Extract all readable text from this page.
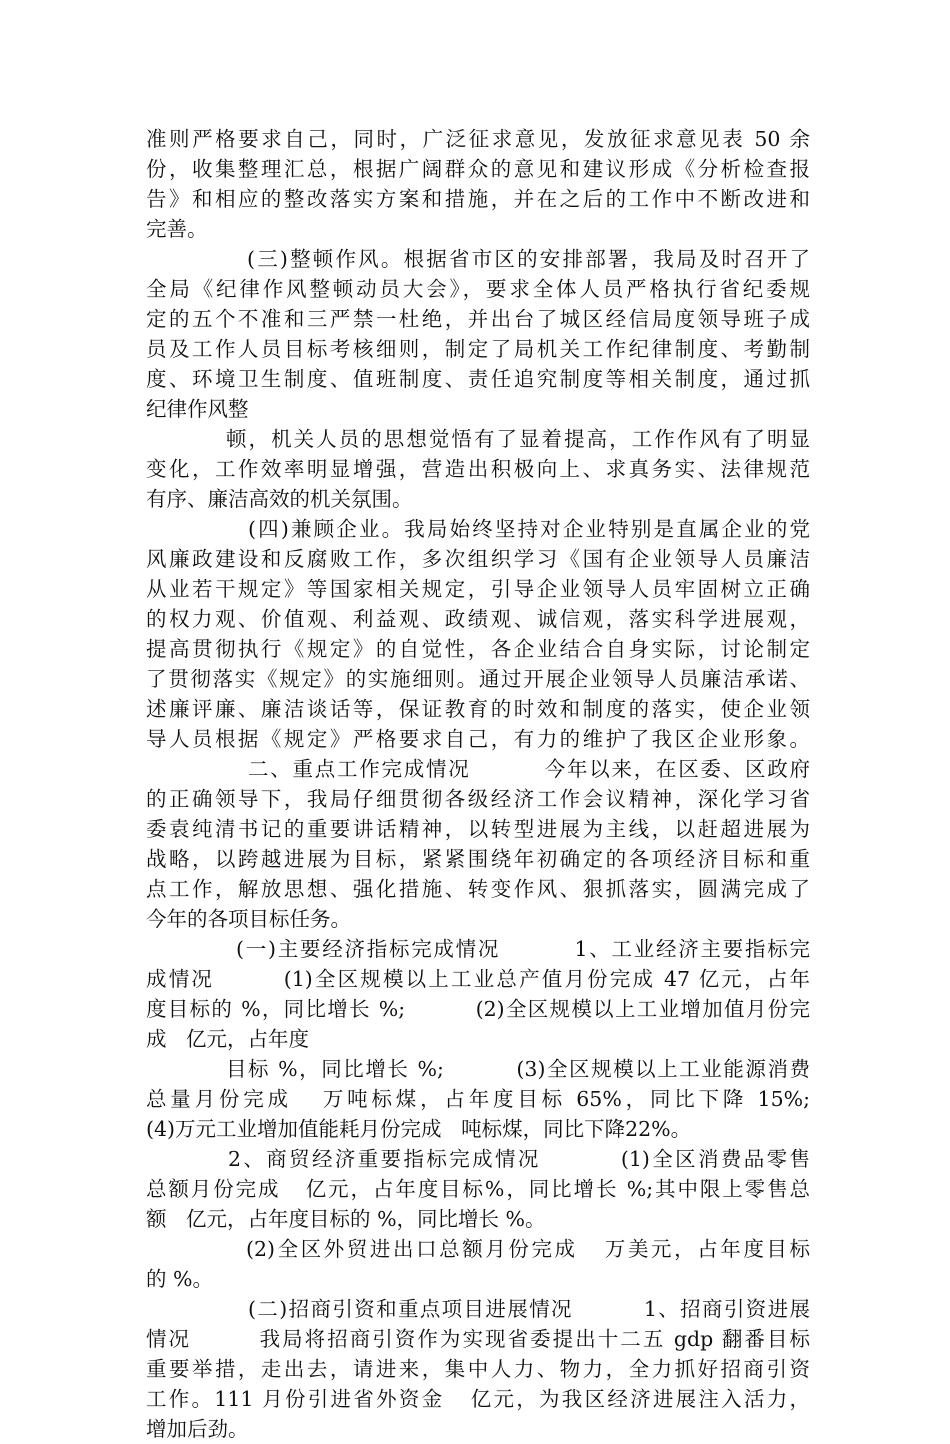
准则严格要求自己，同时，广泛征求意见，发放征求意见表 50 余
份，收集整理汇总，根据广阔群众的意见和建议形成《分析检查报
告》和相应的整改落实方案和措施，并在之后的工作中不断改进和
完善。
(三)整顿作风。根据省市区的安排部署，我局及时召开了
全局《纪律作风整顿动员大会》，要求全体人员严格执行省纪委规
定的五个不准和三严禁一杜绝，并出台了城区经信局度领导班子成
员及工作人员目标考核细则，制定了局机关工作纪律制度、考勤制
度、环境卫生制度、值班制度、责任追究制度等相关制度，通过抓
纪律作风整
顿，机关人员的思想觉悟有了显着提高，工作作风有了明显
变化，工作效率明显增强，营造出积极向上、求真务实、法律规范
有序、廉洁高效的机关氛围。
(四)兼顾企业。我局始终坚持对企业特别是直属企业的党
风廉政建设和反腐败工作，多次组织学习《国有企业领导人员廉洁
从业若干规定》等国家相关规定，引导企业领导人员牢固树立正确
的权力观、价值观、利益观、政绩观、诚信观，落实科学进展观，
提高贯彻执行《规定》的自觉性，各企业结合自身实际，讨论制定
了贯彻落实《规定》的实施细则。通过开展企业领导人员廉洁承诺、
述廉评廉、廉洁谈话等，保证教育的时效和制度的落实，使企业领
导人员根据《规定》严格要求自己，有力的维护了我区企业形象。
二、重点工作完成情况         今年以来，在区委、区政府
的正确领导下，我局仔细贯彻各级经济工作会议精神，深化学习省
委袁纯清书记的重要讲话精神，以转型进展为主线，以赶超进展为
战略，以跨越进展为目标，紧紧围绕年初确定的各项经济目标和重
点工作，解放思想、强化措施、转变作风、狠抓落实，圆满完成了
今年的各项目标任务。
(一)主要经济指标完成情况         1、工业经济主要指标完
成情况        (1)全区规模以上工业总产值月份完成 47 亿元，占年
度目标的 %，同比增长 %;         (2)全区规模以上工业增加值月份完
成   亿元，占年度
目标 %，同比增长 %;         (3)全区规模以上工业能源消费
总量月份完成   万吨标煤，占年度目标 65%，同比下降 15%;
(4)万元工业增加值能耗月份完成   吨标煤，同比下降22%。
2、商贸经济重要指标完成情况         (1)全区消费品零售
总额月份完成   亿元，占年度目标%，同比增长 %;其中限上零售总
额   亿元，占年度目标的 %，同比增长 %。
(2)全区外贸进出口总额月份完成   万美元，占年度目标
的 %。
(二)招商引资和重点项目进展情况         1、招商引资进展
情况        我局将招商引资作为实现省委提出十二五 gdp 翻番目标
重要举措，走出去，请进来，集中人力、物力，全力抓好招商引资
工作。111 月份引进省外资金   亿元，为我区经济进展注入活力，
增加后劲。
